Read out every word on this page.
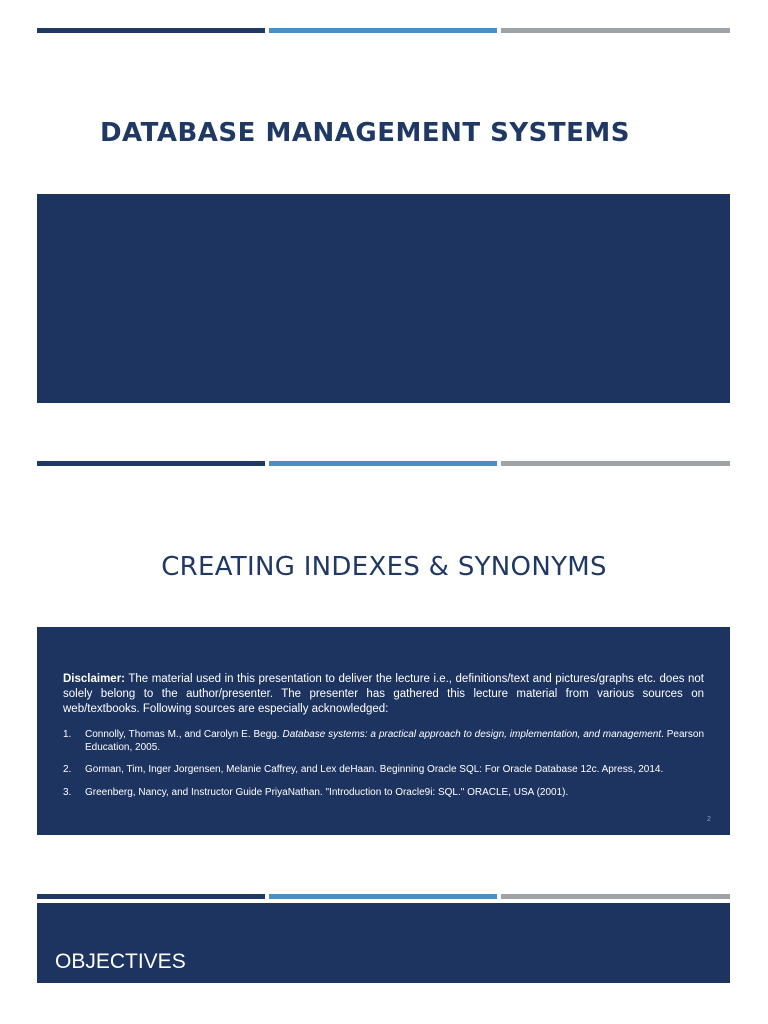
DATABASE MANAGEMENT SYSTEMS
CREATING INDEXES & SYNONYMS
Disclaimer: The material used in this presentation to deliver the lecture i.e., definitions/text and pictures/graphs etc. does not solely belong to the author/presenter. The presenter has gathered this lecture material from various sources on web/textbooks. Following sources are especially acknowledged:
1. Connolly, Thomas M., and Carolyn E. Begg. Database systems: a practical approach to design, implementation, and management. Pearson Education, 2005.
2. Gorman, Tim, Inger Jorgensen, Melanie Caffrey, and Lex deHaan. Beginning Oracle SQL: For Oracle Database 12c. Apress, 2014.
3. Greenberg, Nancy, and Instructor Guide PriyaNathan. "Introduction to Oracle9i: SQL." ORACLE, USA (2001).
2
OBJECTIVES
